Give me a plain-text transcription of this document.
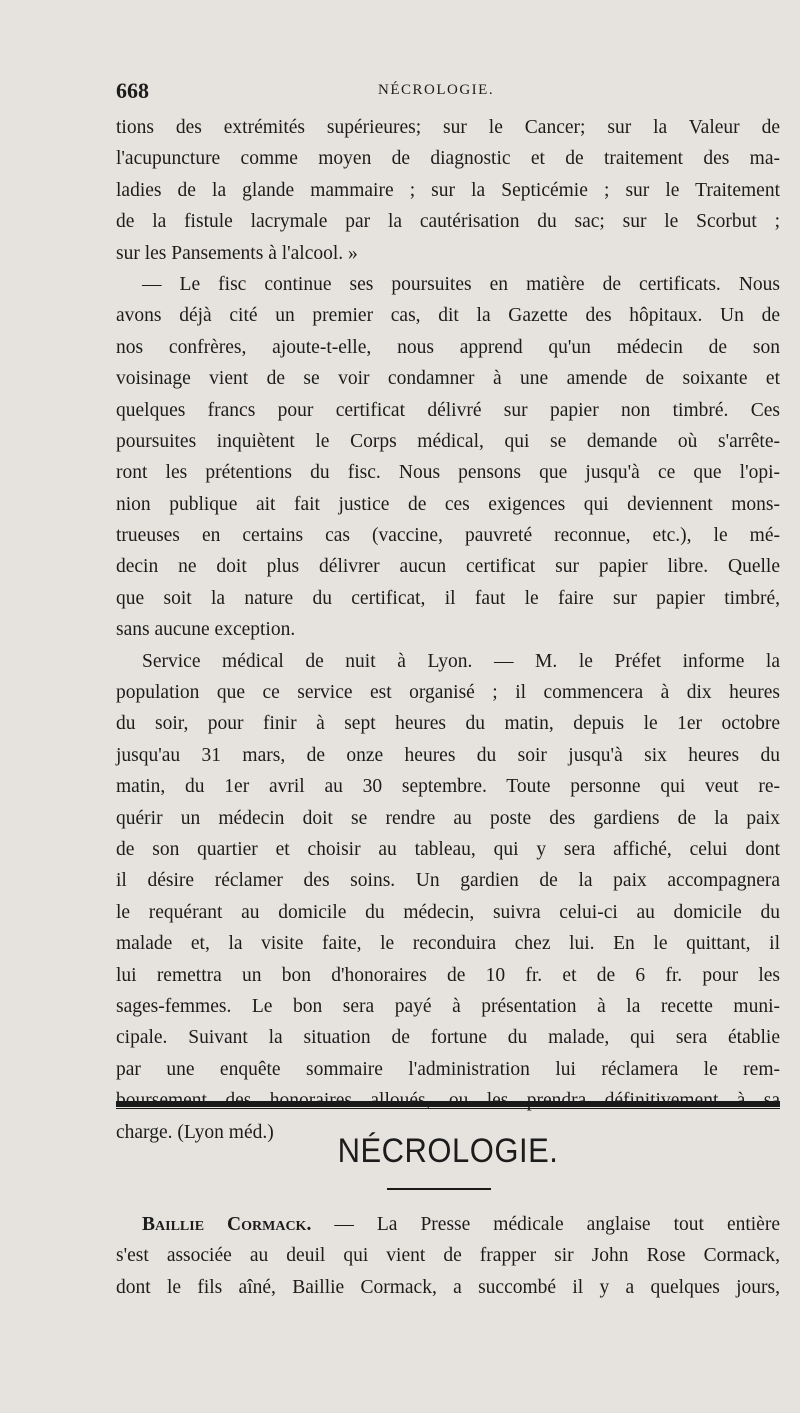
668	NÉCROLOGIE.
tions des extrémités supérieures; sur le Cancer; sur la Valeur de
l'acupuncture comme moyen de diagnostic et de traitement des ma-
ladies de la glande mammaire ; sur la Septicémie ; sur le Traitement
de la fistule lacrymale par la cautérisation du sac; sur le Scorbut ;
sur les Pansements à l'alcool. »
— Le fisc continue ses poursuites en matière de certificats. Nous
avons déjà cité un premier cas, dit la Gazette des hôpitaux. Un de
nos confrères, ajoute-t-elle, nous apprend qu'un médecin de son
voisinage vient de se voir condamner à une amende de soixante et
quelques francs pour certificat délivré sur papier non timbré. Ces
poursuites inquiètent le Corps médical, qui se demande où s'arrête-
ront les prétentions du fisc. Nous pensons que jusqu'à ce que l'opi-
nion publique ait fait justice de ces exigences qui deviennent mons-
trueuses en certains cas (vaccine, pauvreté reconnue, etc.), le mé-
decin ne doit plus délivrer aucun certificat sur papier libre. Quelle
que soit la nature du certificat, il faut le faire sur papier timbré,
sans aucune exception.
Service médical de nuit à Lyon. — M. le Préfet informe la
population que ce service est organisé ; il commencera à dix heures
du soir, pour finir à sept heures du matin, depuis le 1er octobre
jusqu'au 31 mars, de onze heures du soir jusqu'à six heures du
matin, du 1er avril au 30 septembre. Toute personne qui veut re-
quérir un médecin doit se rendre au poste des gardiens de la paix
de son quartier et choisir au tableau, qui y sera affiché, celui dont
il désire réclamer des soins. Un gardien de la paix accompagnera
le requérant au domicile du médecin, suivra celui-ci au domicile du
malade et, la visite faite, le reconduira chez lui. En le quittant, il
lui remettra un bon d'honoraires de 10 fr. et de 6 fr. pour les
sages-femmes. Le bon sera payé à présentation à la recette muni-
cipale. Suivant la situation de fortune du malade, qui sera établie
par une enquête sommaire l'administration lui réclamera le rem-
charge. (Lyon méd.)	NÉCROLOGIE.
Baillie Cormack. — La Presse médicale anglaise tout entière
s'est associée au deuil qui vient de frapper sir John Rose Cormack,
dont le fils aîné, Baillie Cormack, a succombé il y a quelques jours,
